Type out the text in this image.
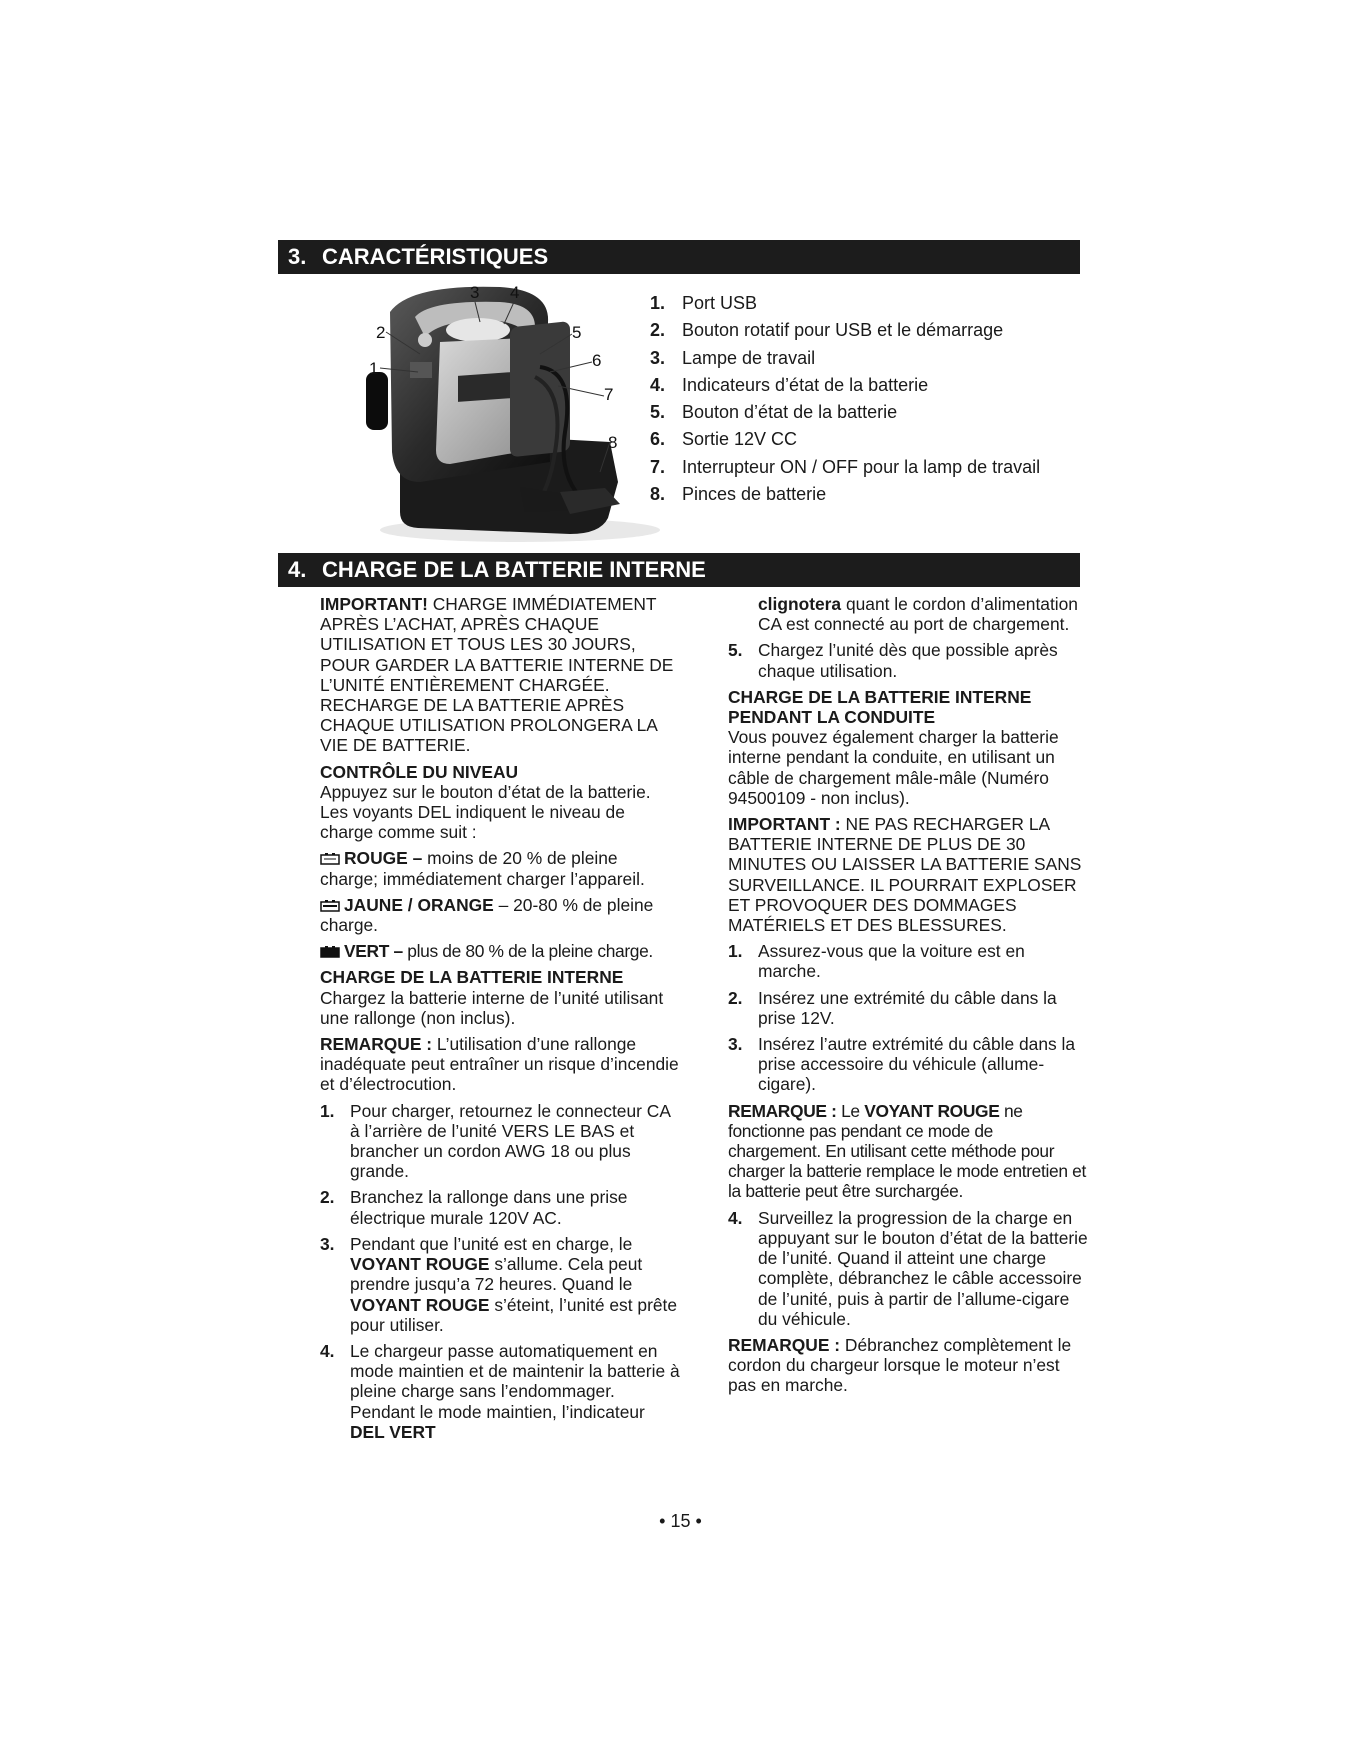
3. CARACTÉRISTIQUES
1
2
3 4
5
6
7
8
1. Port USB
2. Bouton rotatif pour USB et le démarrage
3. Lampe de travail
4. Indicateurs d’état de la batterie
5. Bouton d’état de la batterie
6. Sortie 12V CC
7. Interrupteur ON / OFF pour la lamp de travail
8. Pinces de batterie
4. CHARGE DE LA BATTERIE INTERNE

IMPORTANT! CHARGE IMMÉDIATEMENT APRÈS L’ACHAT, APRÈS CHAQUE UTILISATION ET TOUS LES 30 JOURS, POUR GARDER LA BATTERIE INTERNE DE L’UNITÉ ENTIÈREMENT CHARGÉE. RECHARGE DE LA BATTERIE APRÈS CHAQUE UTILISATION PROLONGERA LA VIE DE BATTERIE.

CONTRÔLE DU NIVEAU

Appuyez sur le bouton d’état de la batterie. Les voyants DEL indiquent le niveau de charge comme suit :

ROUGE – moins de 20 % de pleine charge; immédiatement charger l’appareil.

JAUNE / ORANGE – 20-80 % de pleine charge.

VERT – plus de 80 % de la pleine charge.

CHARGE DE LA BATTERIE INTERNE

Chargez la batterie interne de l’unité utilisant une rallonge (non inclus).

REMARQUE : L’utilisation d’une rallonge inadéquate peut entraîner un risque d’incendie et d’électrocution.

1. Pour charger, retournez le connecteur CA à l’arrière de l’unité VERS LE BAS et brancher un cordon AWG 18 ou plus grande.
2. Branchez la rallonge dans une prise électrique murale 120V AC.
3. Pendant que l’unité est en charge, le VOYANT ROUGE s’allume. Cela peut prendre jusqu’a 72 heures. Quand le VOYANT ROUGE s’éteint, l’unité est prête pour utiliser.
4. Le chargeur passe automatiquement en mode maintien et de maintenir la batterie à pleine charge sans l’endommager. Pendant le mode maintien, l’indicateur DEL VERT
clignotera quant le cordon d’alimentation CA est connecté au port de chargement.
5. Chargez l’unité dès que possible après chaque utilisation.

CHARGE DE LA BATTERIE INTERNE PENDANT LA CONDUITE

Vous pouvez également charger la batterie interne pendant la conduite, en utilisant un câble de chargement mâle-mâle (Numéro 94500109 - non inclus).

IMPORTANT : NE PAS RECHARGER LA BATTERIE INTERNE DE PLUS DE 30 MINUTES OU LAISSER LA BATTERIE SANS SURVEILLANCE. IL POURRAIT EXPLOSER ET PROVOQUER DES DOMMAGES MATÉRIELS ET DES BLESSURES.

1. Assurez-vous que la voiture est en marche.
2. Insérez une extrémité du câble dans la prise 12V.
3. Insérez l’autre extrémité du câble dans la prise accessoire du véhicule (allume-cigare).

REMARQUE : Le VOYANT ROUGE ne fonctionne pas pendant ce mode de chargement. En utilisant cette méthode pour charger la batterie remplace le mode entretien et la batterie peut être surchargée.

4. Surveillez la progression de la charge en appuyant sur le bouton d’état de la batterie de l’unité. Quand il atteint une charge complète, débranchez le câble accessoire de l’unité, puis à partir de l’allume-cigare du véhicule.

REMARQUE : Débranchez complètement le cordon du chargeur lorsque le moteur n’est pas en marche.

• 15 •
